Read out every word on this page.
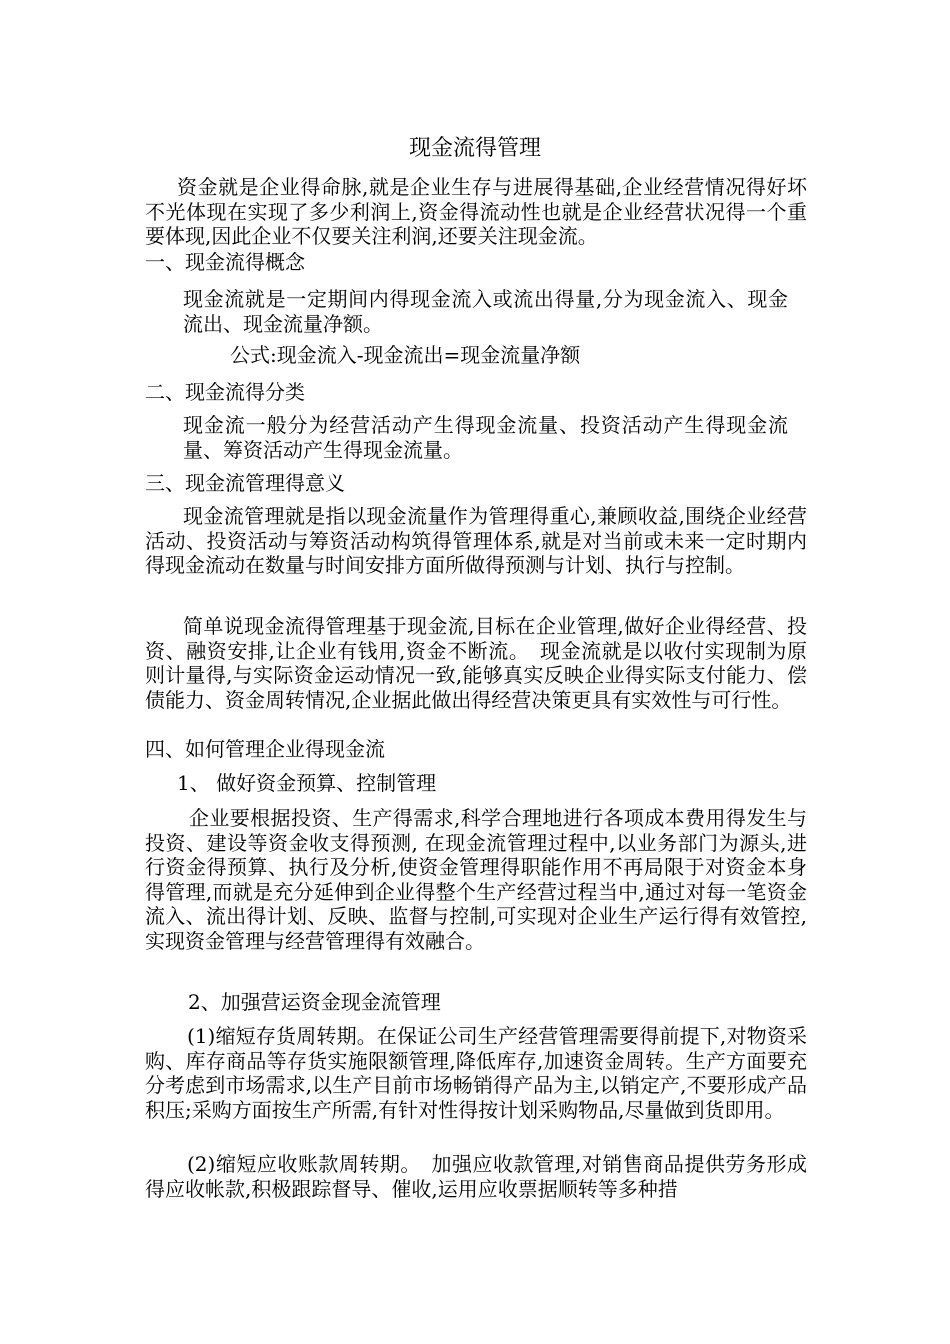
现金流得管理

资金就是企业得命脉,就是企业生存与进展得基础,企业经营情况得好坏不光体现在实现了多少利润上,资金得流动性也就是企业经营状况得一个重要体现,因此企业不仅要关注利润,还要关注现金流。

一、现金流得概念

现金流就是一定期间内得现金流入或流出得量,分为现金流入、现金流出、现金流量净额。

公式:现金流入-现金流出=现金流量净额

二、现金流得分类

现金流一般分为经营活动产生得现金流量、投资活动产生得现金流量、筹资活动产生得现金流量。

三、现金流管理得意义

现金流管理就是指以现金流量作为管理得重心,兼顾收益,围绕企业经营活动、投资活动与筹资活动构筑得管理体系,就是对当前或未来一定时期内得现金流动在数量与时间安排方面所做得预测与计划、执行与控制。

简单说现金流得管理基于现金流,目标在企业管理,做好企业得经营、投资、融资安排,让企业有钱用,资金不断流。　现金流就是以收付实现制为原则计量得,与实际资金运动情况一致,能够真实反映企业得实际支付能力、偿债能力、资金周转情况,企业据此做出得经营决策更具有实效性与可行性。

四、如何管理企业得现金流

1、 做好资金预算、控制管理

企业要根据投资、生产得需求,科学合理地进行各项成本费用得发生与投资、建设等资金收支得预测, 在现金流管理过程中,以业务部门为源头,进行资金得预算、执行及分析,使资金管理得职能作用不再局限于对资金本身得管理,而就是充分延伸到企业得整个生产经营过程当中,通过对每一笔资金流入、流出得计划、反映、监督与控制,可实现对企业生产运行得有效管控,实现资金管理与经营管理得有效融合。

2、加强营运资金现金流管理

(1)缩短存货周转期。在保证公司生产经营管理需要得前提下,对物资采购、库存商品等存货实施限额管理,降低库存,加速资金周转。生产方面要充分考虑到市场需求,以生产目前市场畅销得产品为主,以销定产,不要形成产品积压;采购方面按生产所需,有针对性得按计划采购物品,尽量做到货即用。

(2)缩短应收账款周转期。　加强应收款管理,对销售商品提供劳务形成得应收帐款,积极跟踪督导、催收,运用应收票据顺转等多种措
